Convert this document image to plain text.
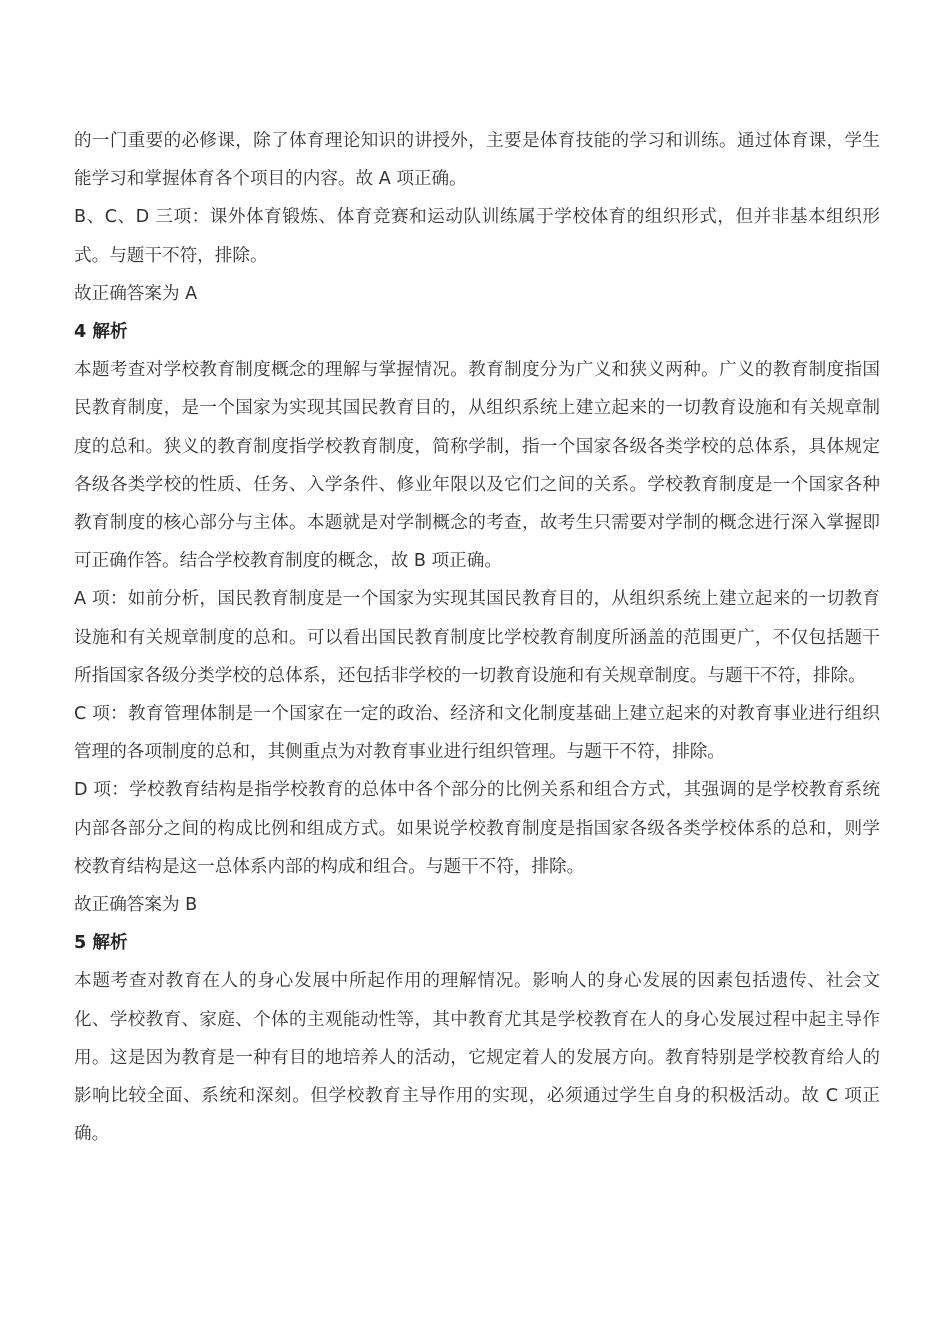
的一门重要的必修课，除了体育理论知识的讲授外，主要是体育技能的学习和训练。通过体育课，学生能学习和掌握体育各个项目的内容。故 A 项正确。

B、C、D 三项：课外体育锻炼、体育竞赛和运动队训练属于学校体育的组织形式，但并非基本组织形式。与题干不符，排除。

故正确答案为 A

4 解析

本题考查对学校教育制度概念的理解与掌握情况。教育制度分为广义和狭义两种。广义的教育制度指国民教育制度，是一个国家为实现其国民教育目的，从组织系统上建立起来的一切教育设施和有关规章制度的总和。狭义的教育制度指学校教育制度，简称学制，指一个国家各级各类学校的总体系，具体规定各级各类学校的性质、任务、入学条件、修业年限以及它们之间的关系。学校教育制度是一个国家各种教育制度的核心部分与主体。本题就是对学制概念的考查，故考生只需要对学制的概念进行深入掌握即可正确作答。结合学校教育制度的概念，故 B 项正确。

A 项：如前分析，国民教育制度是一个国家为实现其国民教育目的，从组织系统上建立起来的一切教育设施和有关规章制度的总和。可以看出国民教育制度比学校教育制度所涵盖的范围更广，不仅包括题干所指国家各级分类学校的总体系，还包括非学校的一切教育设施和有关规章制度。与题干不符，排除。

C 项：教育管理体制是一个国家在一定的政治、经济和文化制度基础上建立起来的对教育事业进行组织管理的各项制度的总和，其侧重点为对教育事业进行组织管理。与题干不符，排除。

D 项：学校教育结构是指学校教育的总体中各个部分的比例关系和组合方式，其强调的是学校教育系统内部各部分之间的构成比例和组成方式。如果说学校教育制度是指国家各级各类学校体系的总和，则学校教育结构是这一总体系内部的构成和组合。与题干不符，排除。

故正确答案为 B

5 解析

本题考查对教育在人的身心发展中所起作用的理解情况。影响人的身心发展的因素包括遗传、社会文化、学校教育、家庭、个体的主观能动性等，其中教育尤其是学校教育在人的身心发展过程中起主导作用。这是因为教育是一种有目的地培养人的活动，它规定着人的发展方向。教育特别是学校教育给人的影响比较全面、系统和深刻。但学校教育主导作用的实现，必须通过学生自身的积极活动。故 C 项正确。
